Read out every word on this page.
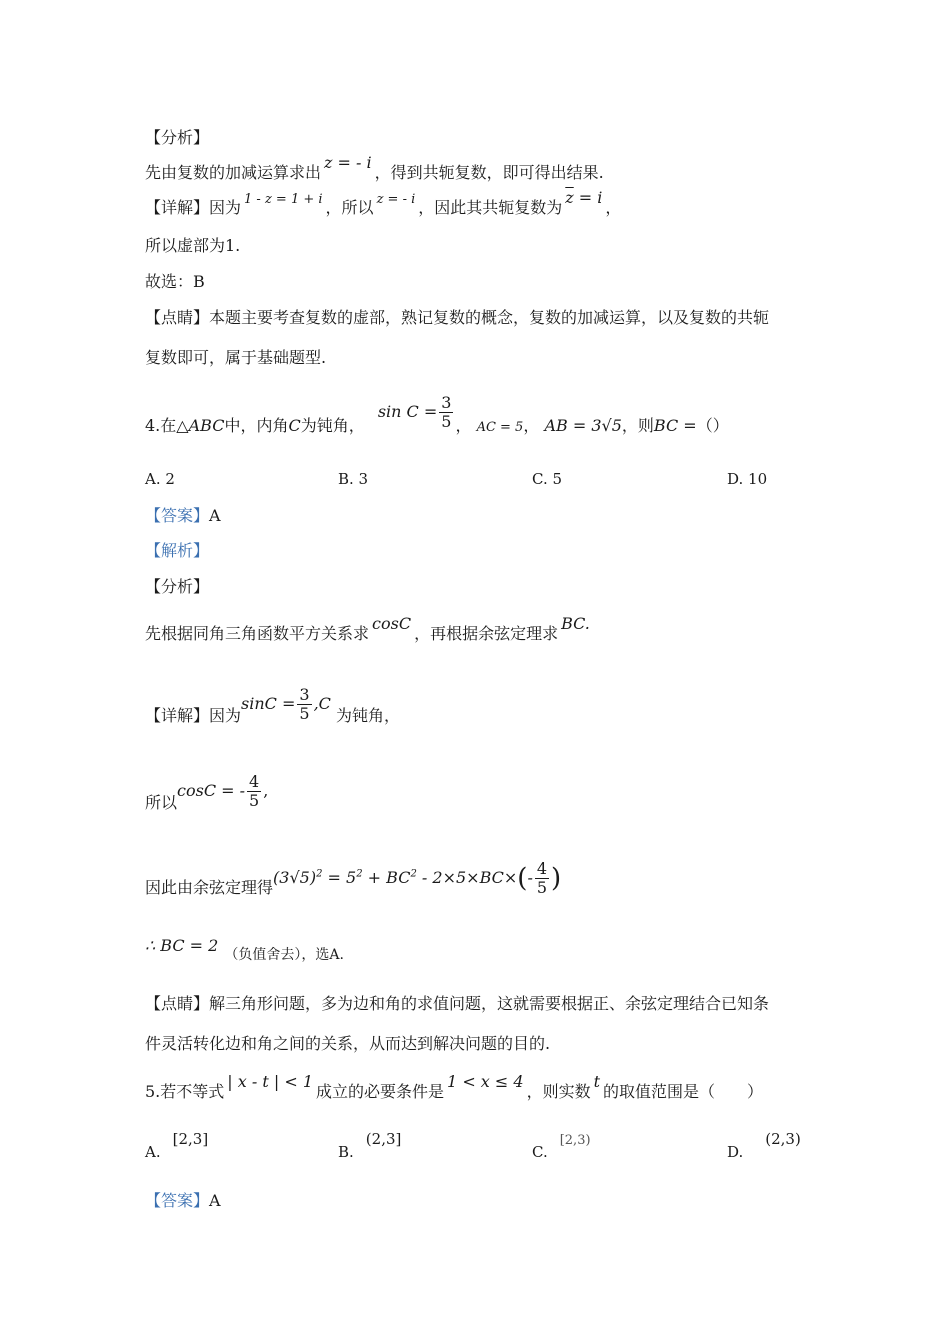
【分析】
先由复数的加减运算求出z = - i，得到共轭复数，即可得出结果.
【详解】因为 $^{1 - z = 1 + i}$ ，所以 $^{z = - i}$ ，因此其共轭复数为$\overline{z} = i$，
所以虚部为1.
故选：B
【点睛】本题主要考查复数的虚部，熟记复数的概念，复数的加减运算，以及复数的共轭
复数即可，属于基础题型.
4.在△ABC中，内角C为钝角， $\sin C = \frac{3}{5}$ ， AC = 5， AB = 3√5，则BC =（）
A. 2	B. 3	C. 5	D. 10
【答案】A
【解析】
【分析】
先根据同角三角函数平方关系求cosC，再根据余弦定理求BC.
【详解】因为$\sin C = \frac{3}{5} ,C$ 为钝角，
所以cosC = - $\frac{4}{5}$ ,
因此由余弦定理得$(3√5)^2 = 5^2 + BC^2 - 2\times 5\times BC\times(- \frac{4}{5}$ )
∴ BC = 2 （负值舍去），选A.
【点睛】解三角形问题，多为边和角的求值问题，这就需要根据正、余弦定理结合已知条
件灵活转化边和角之间的关系，从而达到解决问题的目的.
5.若不等式| x - t | < 1成立的必要条件是1 < x ≤ 4，则实数t的取值范围是（　　）
A.[2,3]
B.(2,3]
C.[2,3)
D.(2,3)
【答案】A
